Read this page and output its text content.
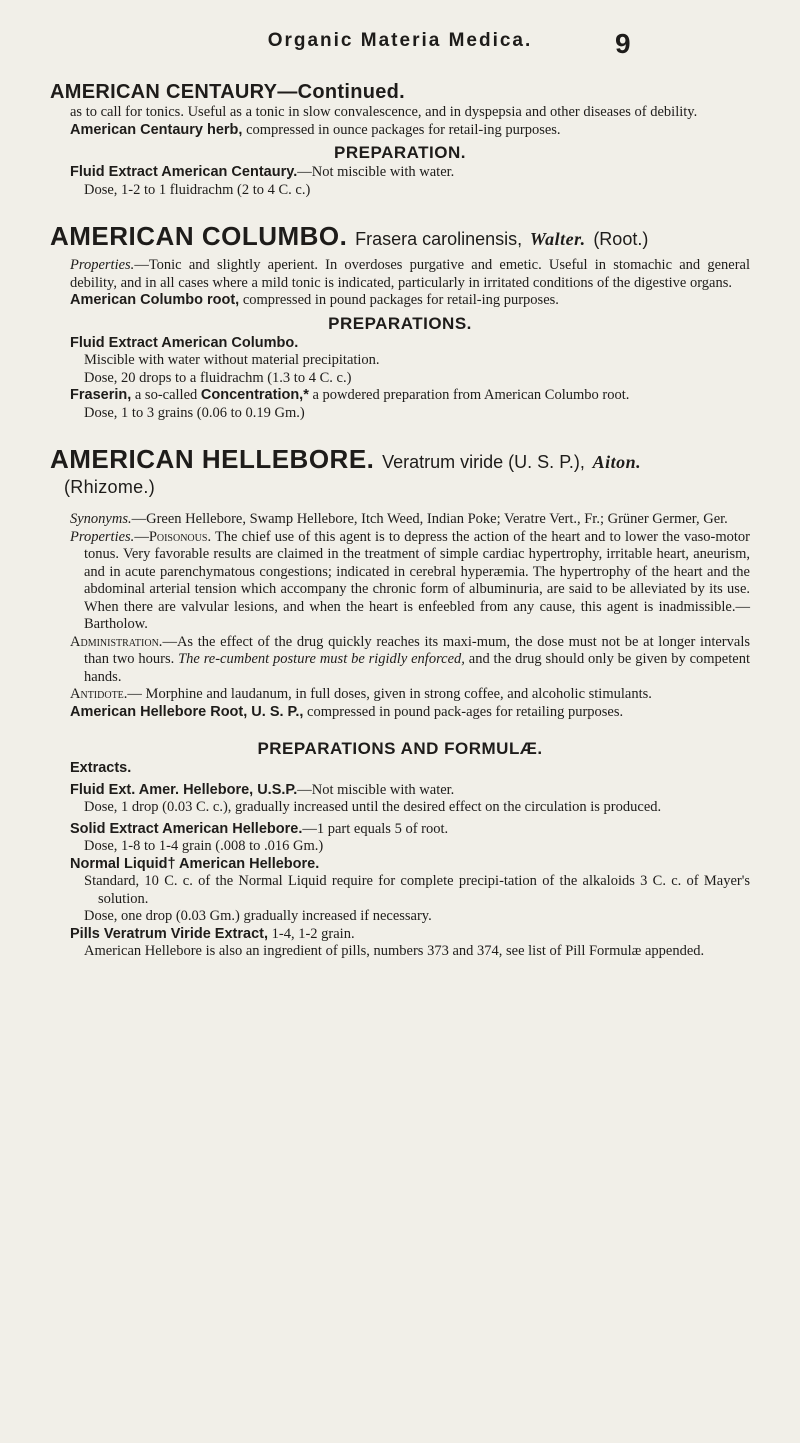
Organic Materia Medica.	9
AMERICAN CENTAURY—Continued.

as to call for tonics. Useful as a tonic in slow convalescence, and in dyspepsia and other diseases of debility.

American Centaury herb, compressed in ounce packages for retail-ing purposes.

PREPARATION.

Fluid Extract American Centaury.—Not miscible with water.

Dose, 1-2 to 1 fluidrachm (2 to 4 C. c.)

AMERICAN COLUMBO. Frasera carolinensis, Walter. (Root.)

Properties.—Tonic and slightly aperient. In overdoses purgative and emetic. Useful in stomachic and general debility, and in all cases where a mild tonic is indicated, particularly in irritated conditions of the digestive organs.

American Columbo root, compressed in pound packages for retail-ing purposes.

PREPARATIONS.

Fluid Extract American Columbo.

Miscible with water without material precipitation.

Dose, 20 drops to a fluidrachm (1.3 to 4 C. c.)

Fraserin, a so-called Concentration,* a powdered preparation from American Columbo root.

Dose, 1 to 3 grains (0.06 to 0.19 Gm.)

AMERICAN HELLEBORE. Veratrum viride (U. S. P.), Aiton.
(Rhizome.)

Synonyms.—Green Hellebore, Swamp Hellebore, Itch Weed, Indian Poke; Veratre Vert., Fr.; Grüner Germer, Ger.

Properties.—Poisonous. The chief use of this agent is to depress the action of the heart and to lower the vaso-motor tonus. Very favorable results are claimed in the treatment of simple cardiac hypertrophy, irritable heart, aneurism, and in acute parenchymatous congestions; indicated in cerebral hyperæmia. The hypertrophy of the heart and the abdominal arterial tension which accompany the chronic form of albuminuria, are said to be alleviated by its use. When there are valvular lesions, and when the heart is enfeebled from any cause, this agent is inadmissible.— Bartholow.

Administration.—As the effect of the drug quickly reaches its maxi-mum, the dose must not be at longer intervals than two hours. The re-cumbent posture must be rigidly enforced, and the drug should only be given by competent hands.

Antidote.— Morphine and laudanum, in full doses, given in strong coffee, and alcoholic stimulants.

American Hellebore Root, U. S. P., compressed in pound pack-ages for retailing purposes.

PREPARATIONS AND FORMULÆ.

Extracts.

Fluid Ext. Amer. Hellebore, U.S.P.—Not miscible with water.

Dose, 1 drop (0.03 C. c.), gradually increased until the desired effect on the circulation is produced.

Solid Extract American Hellebore.—1 part equals 5 of root.

Dose, 1-8 to 1-4 grain (.008 to .016 Gm.)

Normal Liquid† American Hellebore.

Standard, 10 C. c. of the Normal Liquid require for complete precipi-tation of the alkaloids 3 C. c. of Mayer's solution.

Dose, one drop (0.03 Gm.) gradually increased if necessary.

Pills Veratrum Viride Extract, 1-4, 1-2 grain.

American Hellebore is also an ingredient of pills, numbers 373 and 374, see list of Pill Formulæ appended.
